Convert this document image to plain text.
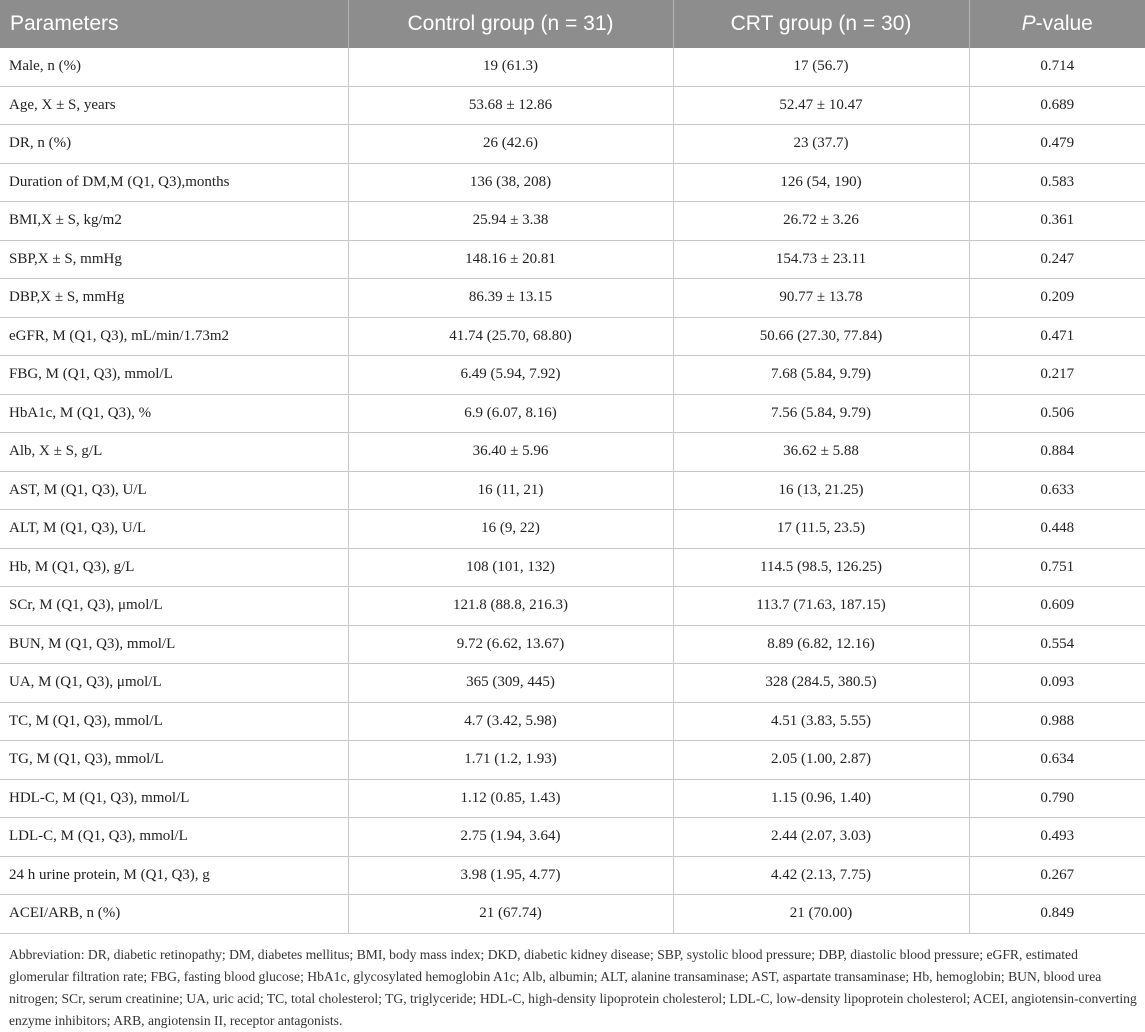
Parameters	Control group (n = 31)	CRT group (n = 30)	P-value
Male, n (%)	19 (61.3)	17 (56.7)	0.714
Age, X ± S, years	53.68 ± 12.86	52.47 ± 10.47	0.689
DR, n (%)	26 (42.6)	23 (37.7)	0.479
Duration of DM,M (Q1, Q3),months	136 (38, 208)	126 (54, 190)	0.583
BMI,X ± S, kg/m2	25.94 ± 3.38	26.72 ± 3.26	0.361
SBP,X ± S, mmHg	148.16 ± 20.81	154.73 ± 23.11	0.247
DBP,X ± S, mmHg	86.39 ± 13.15	90.77 ± 13.78	0.209
eGFR, M (Q1, Q3), mL/min/1.73m2	41.74 (25.70, 68.80)	50.66 (27.30, 77.84)	0.471
FBG, M (Q1, Q3), mmol/L	6.49 (5.94, 7.92)	7.68 (5.84, 9.79)	0.217
HbA1c, M (Q1, Q3), %	6.9 (6.07, 8.16)	7.56 (5.84, 9.79)	0.506
Alb, X ± S, g/L	36.40 ± 5.96	36.62 ± 5.88	0.884
AST, M (Q1, Q3), U/L	16 (11, 21)	16 (13, 21.25)	0.633
ALT, M (Q1, Q3), U/L	16 (9, 22)	17 (11.5, 23.5)	0.448
Hb, M (Q1, Q3), g/L	108 (101, 132)	114.5 (98.5, 126.25)	0.751
SCr, M (Q1, Q3), μmol/L	121.8 (88.8, 216.3)	113.7 (71.63, 187.15)	0.609
BUN, M (Q1, Q3), mmol/L	9.72 (6.62, 13.67)	8.89 (6.82, 12.16)	0.554
UA, M (Q1, Q3), μmol/L	365 (309, 445)	328 (284.5, 380.5)	0.093
TC, M (Q1, Q3), mmol/L	4.7 (3.42, 5.98)	4.51 (3.83, 5.55)	0.988
TG, M (Q1, Q3), mmol/L	1.71 (1.2, 1.93)	2.05 (1.00, 2.87)	0.634
HDL-C, M (Q1, Q3), mmol/L	1.12 (0.85, 1.43)	1.15 (0.96, 1.40)	0.790
LDL-C, M (Q1, Q3), mmol/L	2.75 (1.94, 3.64)	2.44 (2.07, 3.03)	0.493
24 h urine protein, M (Q1, Q3), g	3.98 (1.95, 4.77)	4.42 (2.13, 7.75)	0.267
ACEI/ARB, n (%)	21 (67.74)	21 (70.00)	0.849
Abbreviation: DR, diabetic retinopathy; DM, diabetes mellitus; BMI, body mass index; DKD, diabetic kidney disease; SBP, systolic blood pressure; DBP, diastolic blood pressure; eGFR, estimated glomerular filtration rate; FBG, fasting blood glucose; HbA1c, glycosylated hemoglobin A1c; Alb, albumin; ALT, alanine transaminase; AST, aspartate transaminase; Hb, hemoglobin; BUN, blood urea nitrogen; SCr, serum creatinine; UA, uric acid; TC, total cholesterol; TG, triglyceride; HDL-C, high-density lipoprotein cholesterol; LDL-C, low-density lipoprotein cholesterol; ACEI, angiotensin-converting enzyme inhibitors; ARB, angiotensin II, receptor antagonists.
